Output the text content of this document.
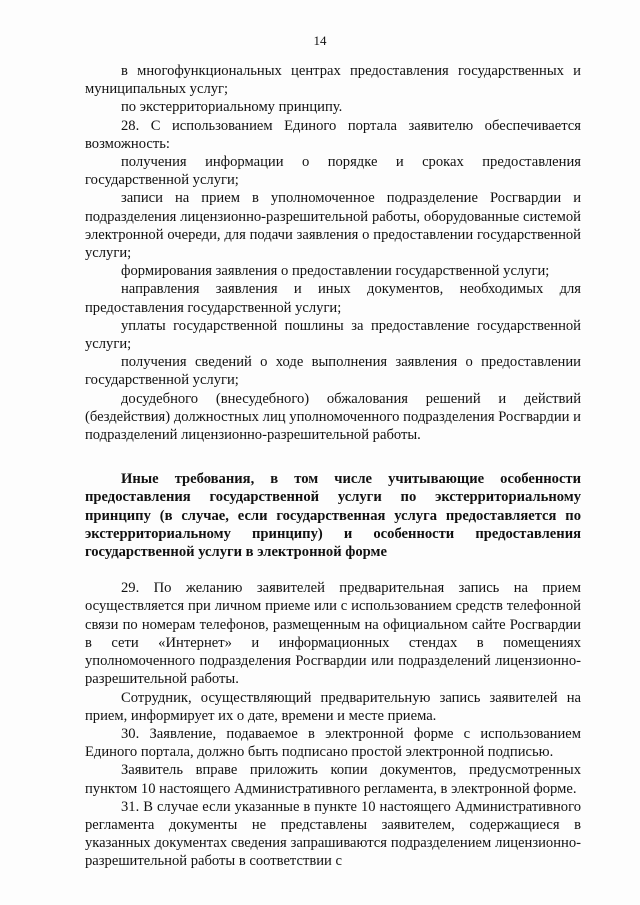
14

в многофункциональных центрах предоставления государственных и муниципальных услуг;

по экстерриториальному принципу.

28. С использованием Единого портала заявителю обеспечивается возможность:

получения информации о порядке и сроках предоставления государственной услуги;

записи на прием в уполномоченное подразделение Росгвардии и подразделения лицензионно-разрешительной работы, оборудованные системой электронной очереди, для подачи заявления о предоставлении государственной услуги;

формирования заявления о предоставлении государственной услуги;

направления заявления и иных документов, необходимых для предоставления государственной услуги;

уплаты государственной пошлины за предоставление государственной услуги;

получения сведений о ходе выполнения заявления о предоставлении государственной услуги;

досудебного (внесудебного) обжалования решений и действий (бездействия) должностных лиц уполномоченного подразделения Росгвардии и подразделений лицензионно-разрешительной работы.

Иные требования, в том числе учитывающие особенности предоставления государственной услуги по экстерриториальному принципу (в случае, если государственная услуга предоставляется по экстерриториальному принципу) и особенности предоставления государственной услуги в электронной форме

29. По желанию заявителей предварительная запись на прием осуществляется при личном приеме или с использованием средств телефонной связи по номерам телефонов, размещенным на официальном сайте Росгвардии в сети «Интернет» и информационных стендах в помещениях уполномоченного подразделения Росгвардии или подразделений лицензионно-разрешительной работы.

Сотрудник, осуществляющий предварительную запись заявителей на прием, информирует их о дате, времени и месте приема.

30. Заявление, подаваемое в электронной форме с использованием Единого портала, должно быть подписано простой электронной подписью.

Заявитель вправе приложить копии документов, предусмотренных пунктом 10 настоящего Административного регламента, в электронной форме.

31. В случае если указанные в пункте 10 настоящего Административного регламента документы не представлены заявителем, содержащиеся в указанных документах сведения запрашиваются подразделением лицензионно-разрешительной работы в соответствии с
